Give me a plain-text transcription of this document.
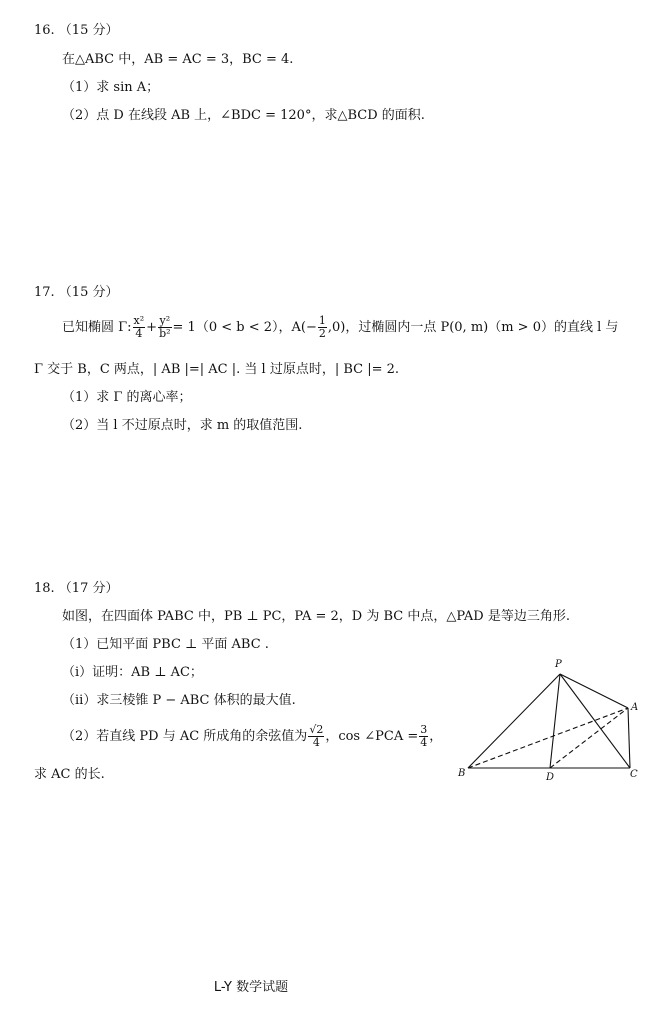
16. （15 分）
在△ABC 中，AB = AC = 3，BC = 4.
（1）求 sin A；
（2）点 D 在线段 AB 上，∠BDC = 120°，求△BCD 的面积.
17. （15 分）
已知椭圆 Γ: $\frac{\text{x²}}{4} + \frac{\text{y²}}{\text{b²}} = 1(0 < b < 2)$，$A(- \frac{1}{2} ,0)$，过椭圆内一点 P(0, m)（m > 0）的直线 l 与
Γ 交于 B，C 两点，| AB |=| AC |. 当 l 过原点时，| BC |= 2.
（1）求 Γ 的离心率；
（2）当 l 不过原点时，求 m 的取值范围.
18. （17 分）
如图，在四面体 PABC 中，PB ⊥ PC，PA = 2，D 为 BC 中点，△PAD 是等边三角形.
（1）已知平面 PBC ⊥ 平面 ABC .
（i）证明：AB ⊥ AC；
（ii）求三棱锥 P − ABC 体积的最大值.
（2）若直线 PD 与 AC 所成角的余弦值为 $\frac{√2}{4}$ ，cos ∠PCA = $\frac{3}{4}$ ，
求 AC 的长.
P
A
B	D	C
L-Y 数学试题
